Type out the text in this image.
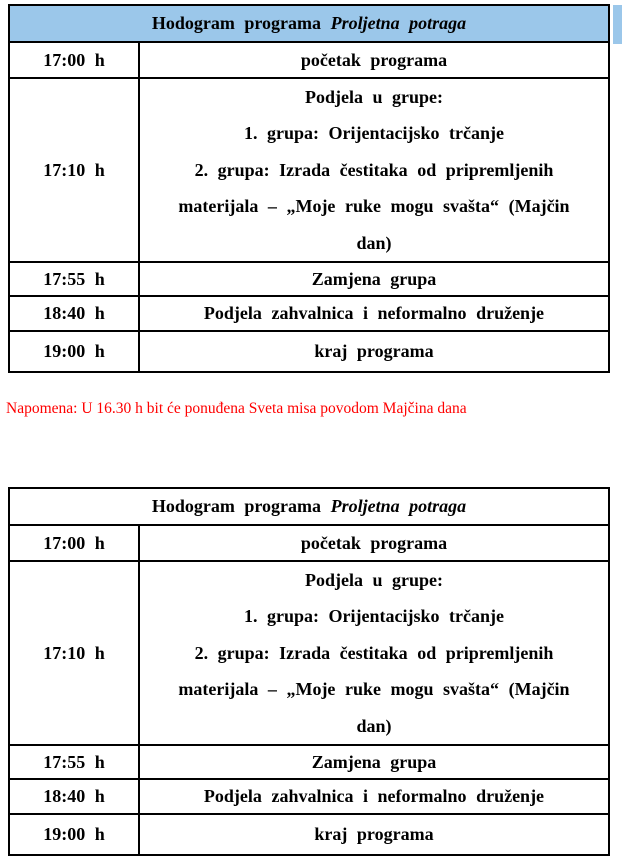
Hodogram programa Proljetna potraga	
17:00 h	početak programa
17:10 h	Podjela u grupe:
1. grupa: Orijentacijsko trčanje
2. grupa: Izrada čestitaka od pripremljenih
materijala – „Moje ruke mogu svašta“ (Majčin
dan)

17:55 h	Zamjena grupa
18:40 h	Podjela zahvalnica i neformalno druženje
19:00 h	kraj programa

Napomena: U 16.30 h bit će ponuđena Sveta misa povodom Majčina dana

Hodogram programa Proljetna potraga	
17:00 h	početak programa
17:10 h	Podjela u grupe:
1. grupa: Orijentacijsko trčanje
2. grupa: Izrada čestitaka od pripremljenih
materijala – „Moje ruke mogu svašta“ (Majčin
dan)

17:55 h	Zamjena grupa
18:40 h	Podjela zahvalnica i neformalno druženje
19:00 h	kraj programa
